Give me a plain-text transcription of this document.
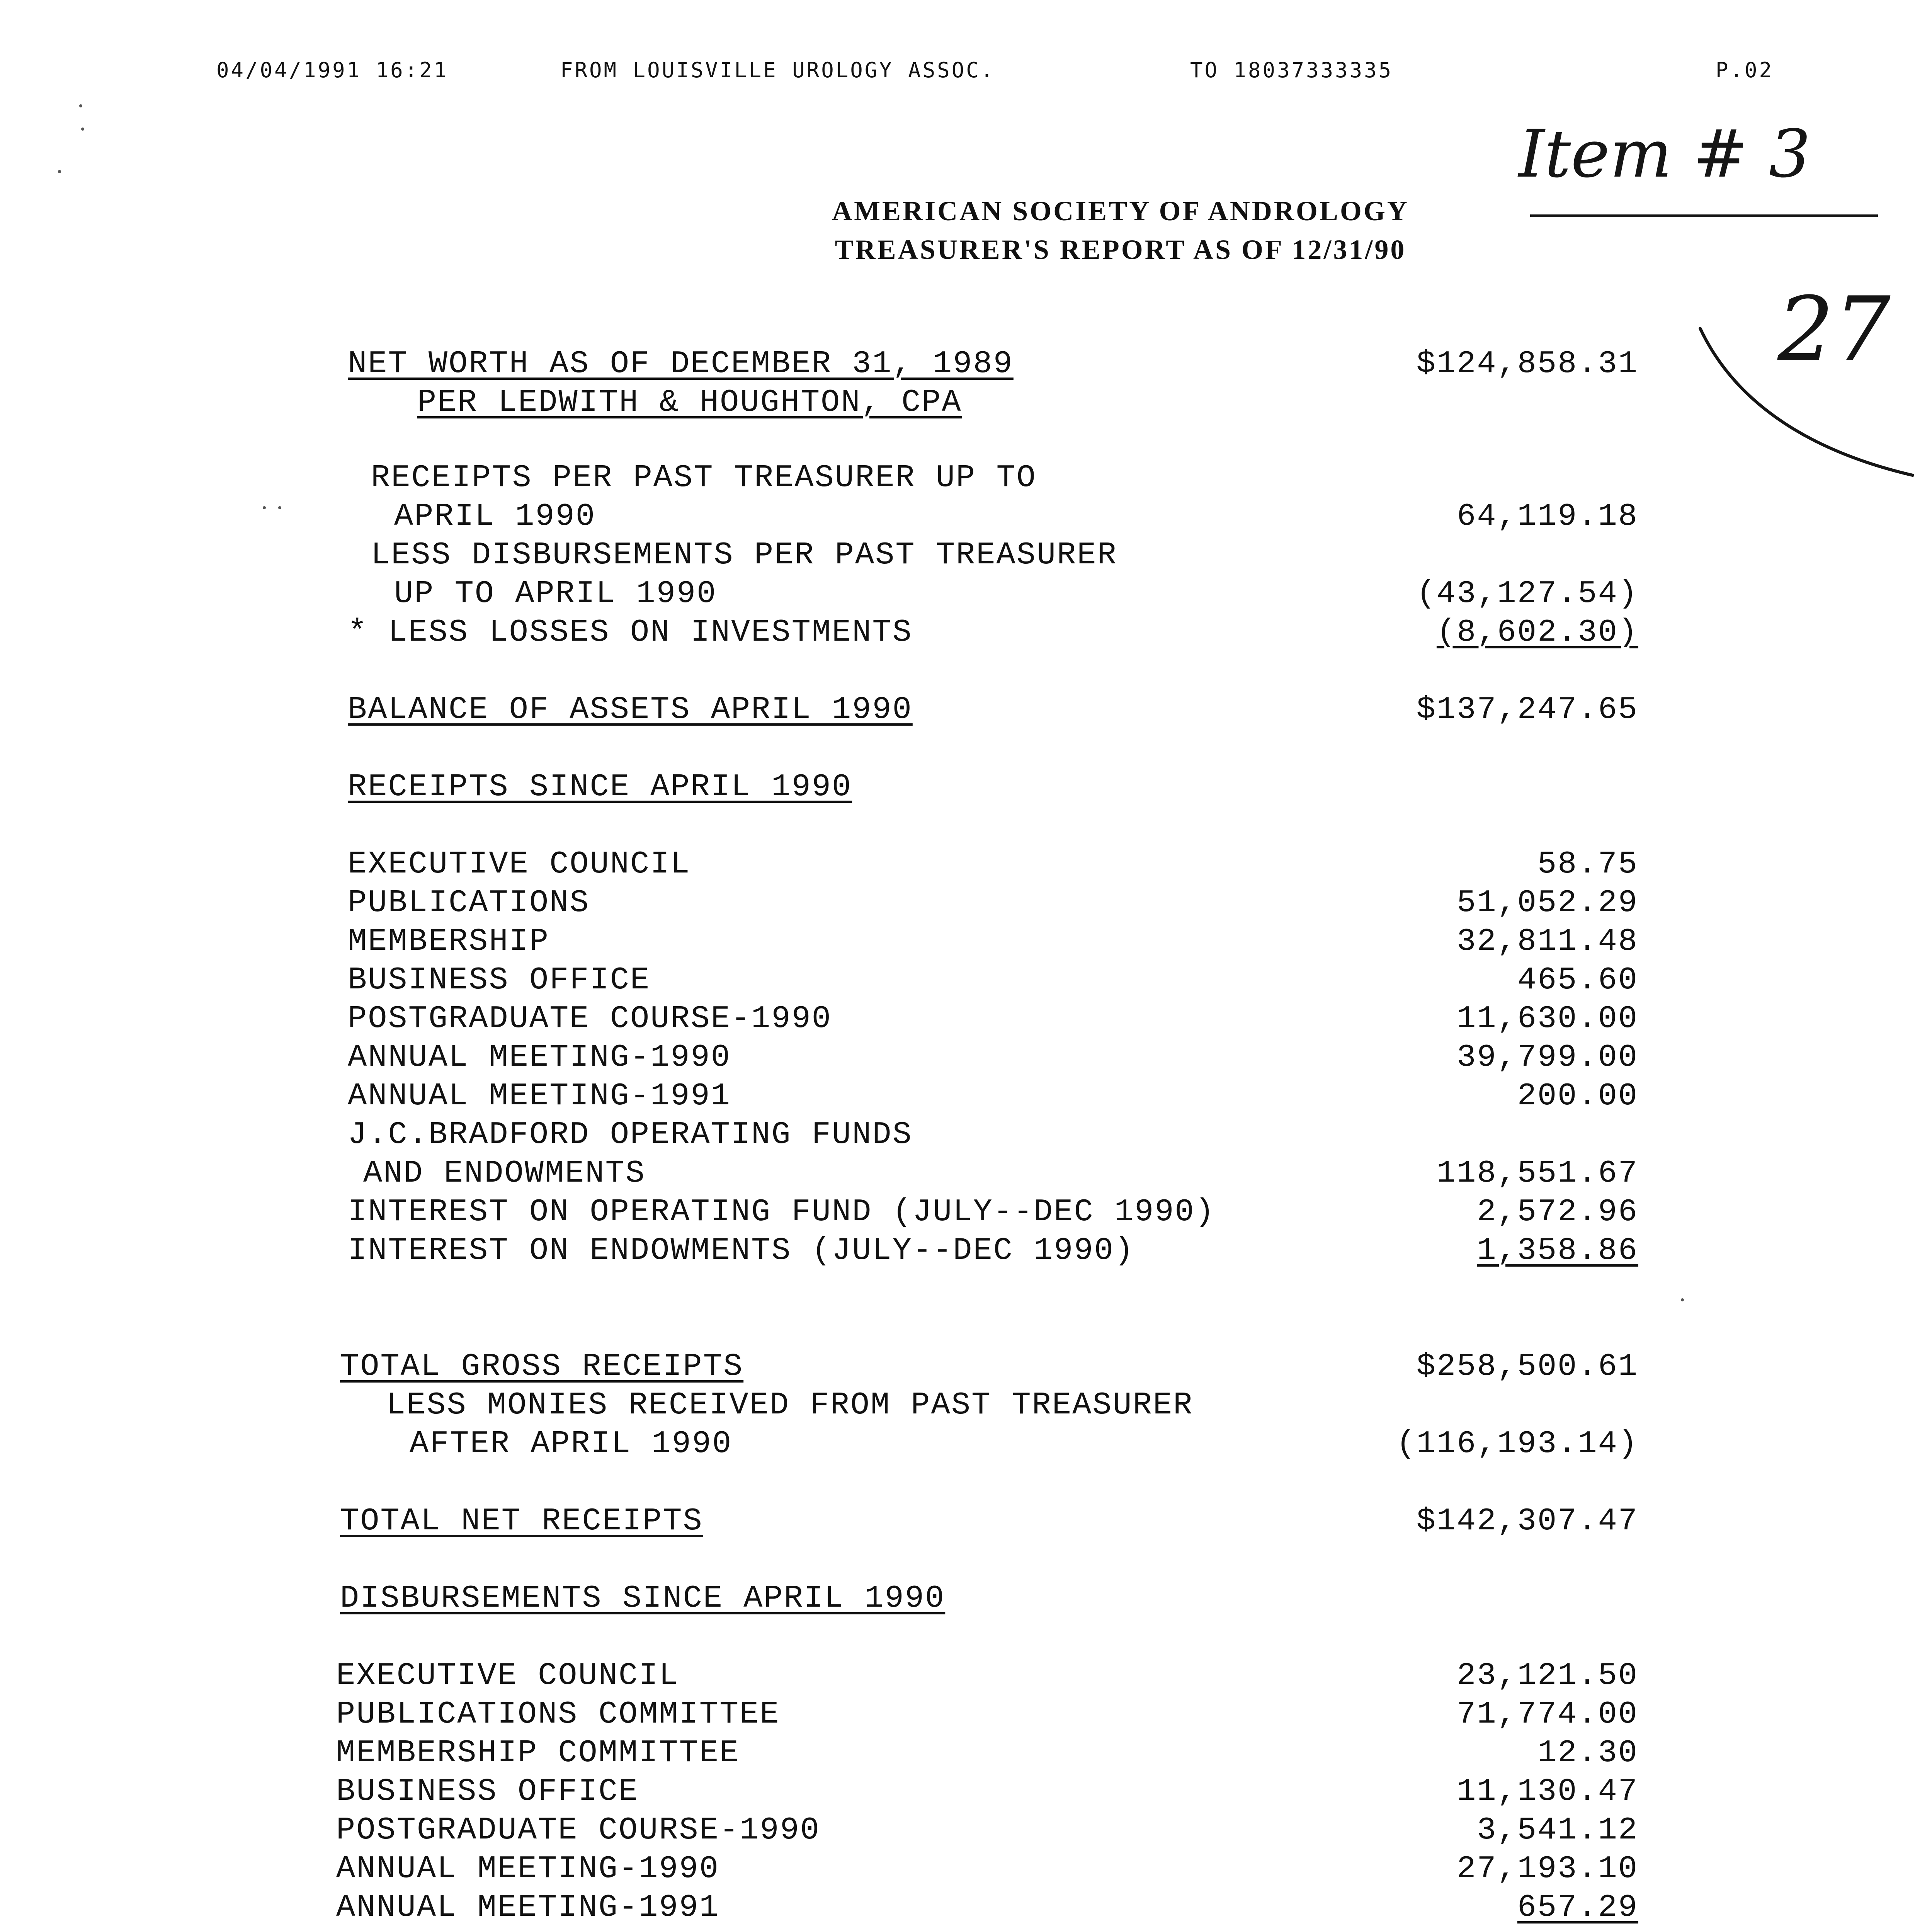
04/04/1991 16:21	FROM LOUISVILLE UROLOGY ASSOC.	TO 18037333335	P.02
Item # 3
27
AMERICAN SOCIETY OF ANDROLOGY
TREASURER'S REPORT AS OF 12/31/90
NET WORTH AS OF DECEMBER 31, 1989	$124,858.31
PER LEDWITH & HOUGHTON, CPA
RECEIPTS PER PAST TREASURER UP TO
APRIL 1990	64,119.18
LESS DISBURSEMENTS PER PAST TREASURER
UP TO APRIL 1990	(43,127.54)
* LESS LOSSES ON INVESTMENTS	(8,602.30)
BALANCE OF ASSETS APRIL 1990	$137,247.65
RECEIPTS SINCE APRIL 1990
EXECUTIVE COUNCIL	58.75
PUBLICATIONS	51,052.29
MEMBERSHIP	32,811.48
BUSINESS OFFICE	465.60
POSTGRADUATE COURSE-1990	11,630.00
ANNUAL MEETING-1990	39,799.00
ANNUAL MEETING-1991	200.00
J.C.BRADFORD OPERATING FUNDS
AND ENDOWMENTS	118,551.67
INTEREST ON OPERATING FUND (JULY--DEC 1990)	2,572.96
INTEREST ON ENDOWMENTS (JULY--DEC 1990)	1,358.86
TOTAL GROSS RECEIPTS	$258,500.61
LESS MONIES RECEIVED FROM PAST TREASURER
AFTER APRIL 1990	(116,193.14)
TOTAL NET RECEIPTS	$142,307.47
DISBURSEMENTS SINCE APRIL 1990
EXECUTIVE COUNCIL	23,121.50
PUBLICATIONS COMMITTEE	71,774.00
MEMBERSHIP COMMITTEE	12.30
BUSINESS OFFICE	11,130.47
POSTGRADUATE COURSE-1990	3,541.12
ANNUAL MEETING-1990	27,193.10
ANNUAL MEETING-1991	657.29
